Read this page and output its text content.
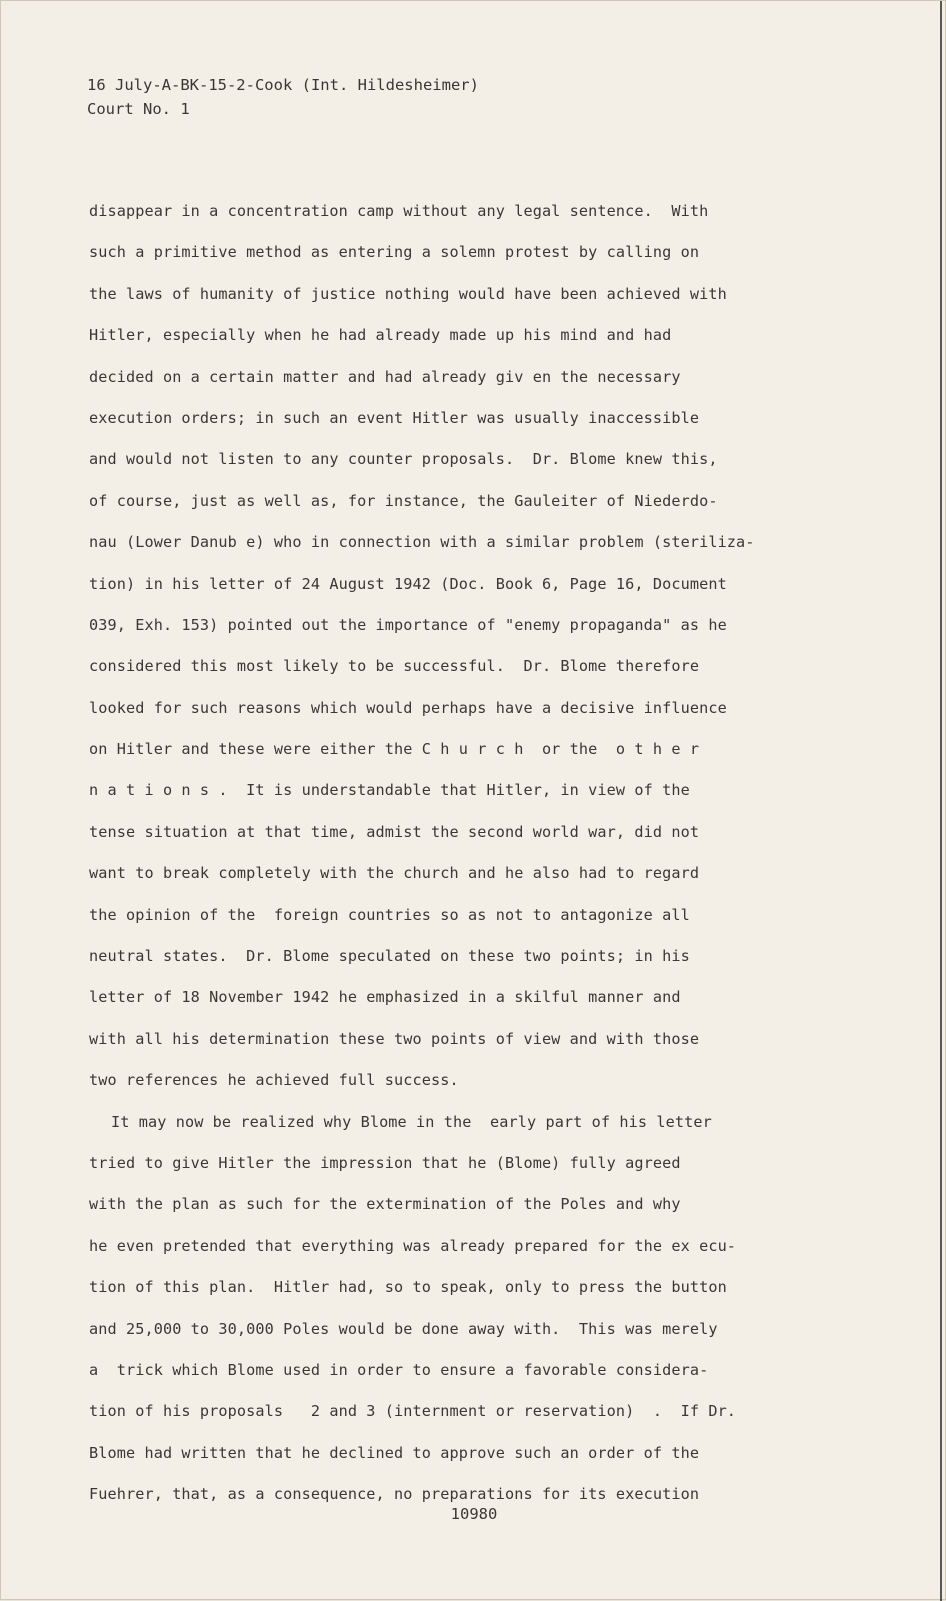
16 July-A-BK-15-2-Cook (Int. Hildesheimer)
Court No. 1
disappear in a concentration camp without any legal sentence.  With
such a primitive method as entering a solemn protest by calling on
the laws of humanity of justice nothing would have been achieved with
Hitler, especially when he had already made up his mind and had
decided on a certain matter and had already giv en the necessary
execution orders; in such an event Hitler was usually inaccessible
and would not listen to any counter proposals.  Dr. Blome knew this,
of course, just as well as, for instance, the Gauleiter of Niederdo-
nau (Lower Danub e) who in connection with a similar problem (steriliza-
tion) in his letter of 24 August 1942 (Doc. Book 6, Page 16, Document
039, Exh. 153) pointed out the importance of "enemy propaganda" as he
considered this most likely to be successful.  Dr. Blome therefore
looked for such reasons which would perhaps have a decisive influence
on Hitler and these were either the C h u r c h  or the  o t h e r
n a t i o n s .  It is understandable that Hitler, in view of the
tense situation at that time, admist the second world war, did not
want to break completely with the church and he also had to regard
the opinion of the  foreign countries so as not to antagonize all
neutral states.  Dr. Blome speculated on these two points; in his
letter of 18 November 1942 he emphasized in a skilful manner and
with all his determination these two points of view and with those
two references he achieved full success.
It may now be realized why Blome in the  early part of his letter
tried to give Hitler the impression that he (Blome) fully agreed
with the plan as such for the extermination of the Poles and why
he even pretended that everything was already prepared for the ex ecu-
tion of this plan.  Hitler had, so to speak, only to press the button
and 25,000 to 30,000 Poles would be done away with.  This was merely
a  trick which Blome used in order to ensure a favorable considera-
tion of his proposals   2 and 3 (internment or reservation)  .  If Dr.
Blome had written that he declined to approve such an order of the
Fuehrer, that, as a consequence, no preparations for its execution
10980
